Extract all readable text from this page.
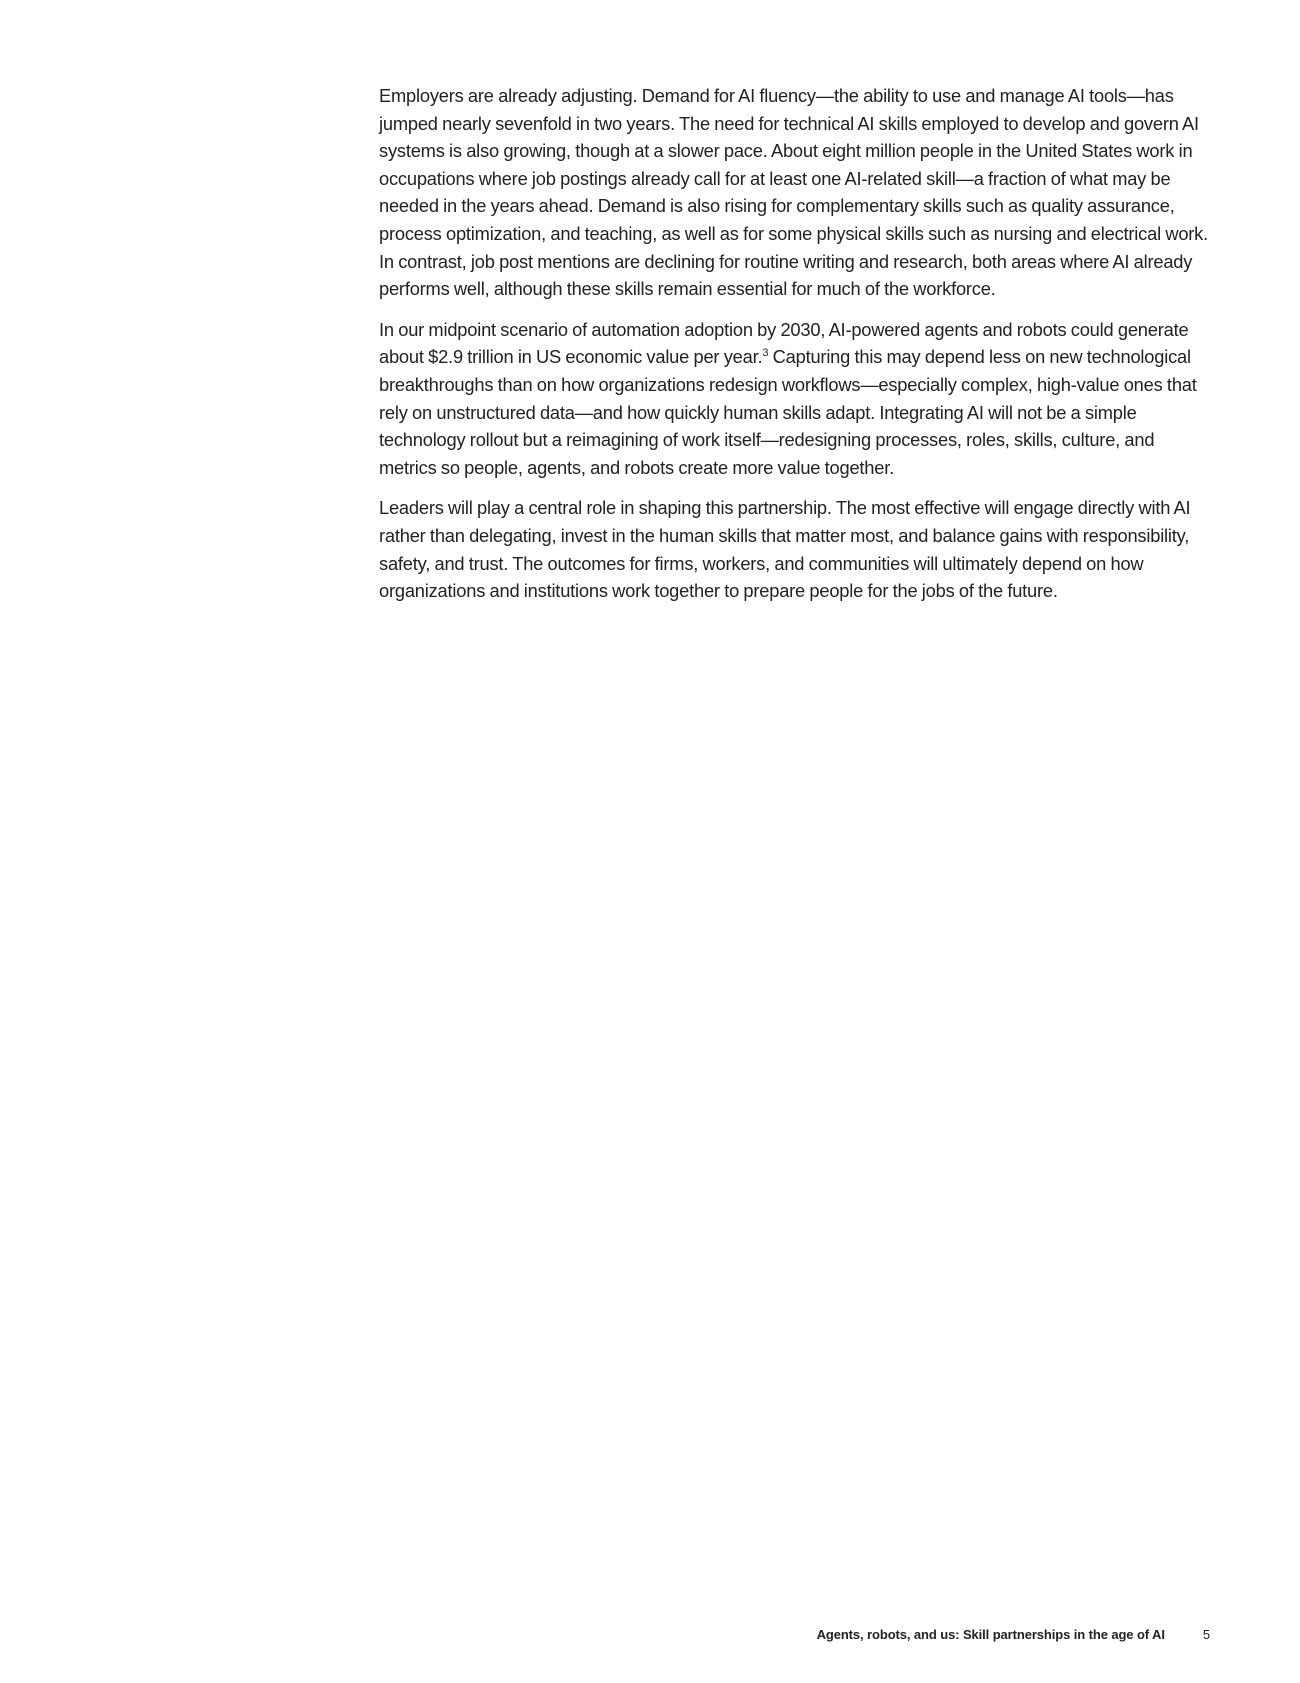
Employers are already adjusting. Demand for AI fluency—the ability to use and manage AI tools—has jumped nearly sevenfold in two years. The need for technical AI skills employed to develop and govern AI systems is also growing, though at a slower pace. About eight million people in the United States work in occupations where job postings already call for at least one AI-related skill—a fraction of what may be needed in the years ahead. Demand is also rising for complementary skills such as quality assurance, process optimization, and teaching, as well as for some physical skills such as nursing and electrical work. In contrast, job post mentions are declining for routine writing and research, both areas where AI already performs well, although these skills remain essential for much of the workforce.

In our midpoint scenario of automation adoption by 2030, AI-powered agents and robots could generate about $2.9 trillion in US economic value per year.$^3$ Capturing this may depend less on new technological breakthroughs than on how organizations redesign workflows—especially complex, high-value ones that rely on unstructured data—and how quickly human skills adapt. Integrating AI will not be a simple technology rollout but a reimagining of work itself—redesigning processes, roles, skills, culture, and metrics so people, agents, and robots create more value together.

Leaders will play a central role in shaping this partnership. The most effective will engage directly with AI rather than delegating, invest in the human skills that matter most, and balance gains with responsibility, safety, and trust. The outcomes for firms, workers, and communities will ultimately depend on how organizations and institutions work together to prepare people for the jobs of the future.

Agents, robots, and us: Skill partnerships in the age of AI	5
